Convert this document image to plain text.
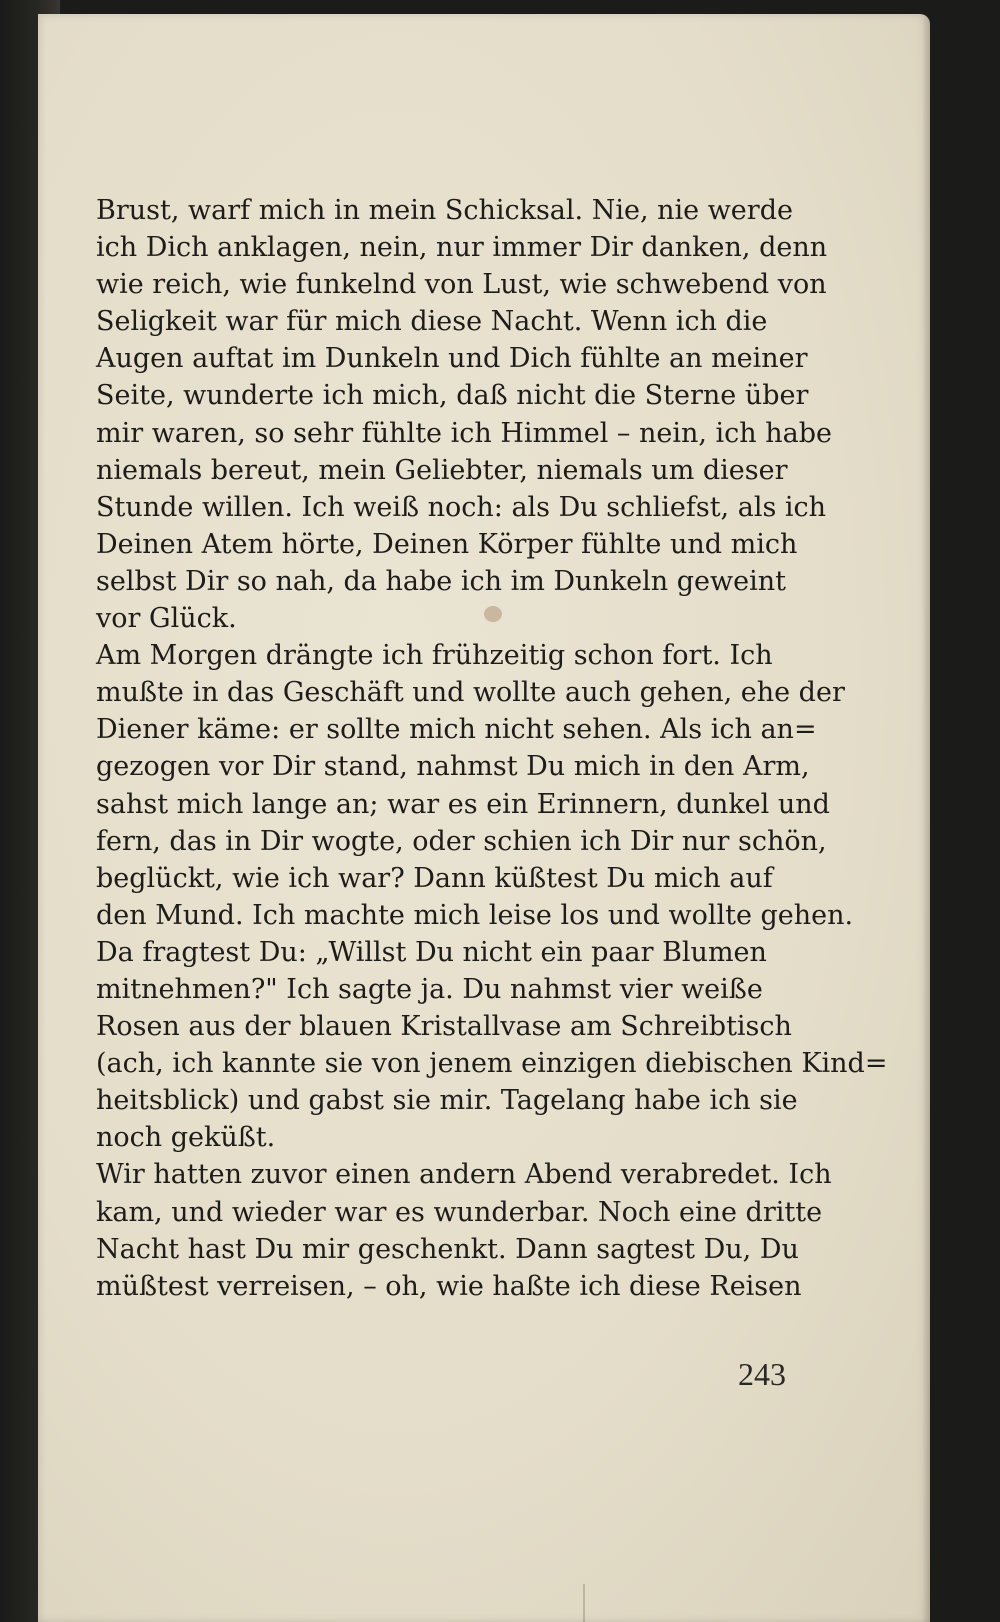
Brust, warf mich in mein Schicksal. Nie, nie werde
ich Dich anklagen, nein, nur immer Dir danken, denn
wie reich, wie funkelnd von Lust, wie schwebend von
Seligkeit war für mich diese Nacht. Wenn ich die
Augen auftat im Dunkeln und Dich fühlte an meiner
Seite, wunderte ich mich, daß nicht die Sterne über
mir waren, so sehr fühlte ich Himmel – nein, ich habe
niemals bereut, mein Geliebter, niemals um dieser
Stunde willen. Ich weiß noch: als Du schliefst, als ich
Deinen Atem hörte, Deinen Körper fühlte und mich
selbst Dir so nah, da habe ich im Dunkeln geweint
vor Glück.
Am Morgen drängte ich frühzeitig schon fort. Ich
mußte in das Geschäft und wollte auch gehen, ehe der
Diener käme: er sollte mich nicht sehen. Als ich an=
gezogen vor Dir stand, nahmst Du mich in den Arm,
sahst mich lange an; war es ein Erinnern, dunkel und
fern, das in Dir wogte, oder schien ich Dir nur schön,
beglückt, wie ich war? Dann küßtest Du mich auf
den Mund. Ich machte mich leise los und wollte gehen.
Da fragtest Du: „Willst Du nicht ein paar Blumen
mitnehmen?" Ich sagte ja. Du nahmst vier weiße
Rosen aus der blauen Kristallvase am Schreibtisch
(ach, ich kannte sie von jenem einzigen diebischen Kind=
heitsblick) und gabst sie mir. Tagelang habe ich sie
noch geküßt.
Wir hatten zuvor einen andern Abend verabredet. Ich
kam, und wieder war es wunderbar. Noch eine dritte
Nacht hast Du mir geschenkt. Dann sagtest Du, Du
müßtest verreisen, – oh, wie haßte ich diese Reisen
243
